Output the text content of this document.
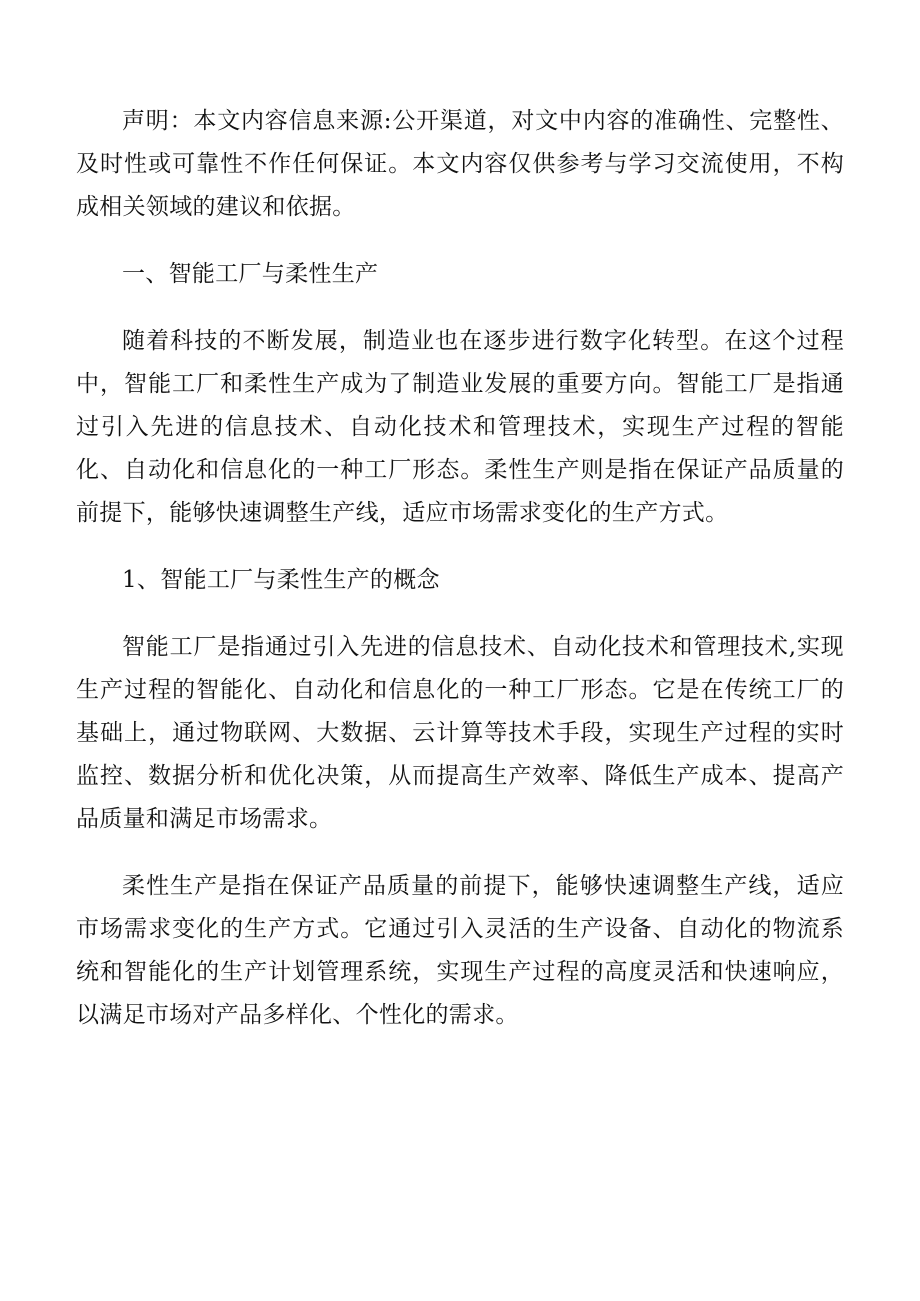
声明：本文内容信息来源:公开渠道，对文中内容的准确性、完整性、及时性或可靠性不作任何保证。本文内容仅供参考与学习交流使用，不构成相关领域的建议和依据。

一、智能工厂与柔性生产

随着科技的不断发展，制造业也在逐步进行数字化转型。在这个过程中，智能工厂和柔性生产成为了制造业发展的重要方向。智能工厂是指通过引入先进的信息技术、自动化技术和管理技术，实现生产过程的智能化、自动化和信息化的一种工厂形态。柔性生产则是指在保证产品质量的前提下，能够快速调整生产线，适应市场需求变化的生产方式。

1、智能工厂与柔性生产的概念

智能工厂是指通过引入先进的信息技术、自动化技术和管理技术,实现生产过程的智能化、自动化和信息化的一种工厂形态。它是在传统工厂的基础上，通过物联网、大数据、云计算等技术手段，实现生产过程的实时监控、数据分析和优化决策，从而提高生产效率、降低生产成本、提高产品质量和满足市场需求。

柔性生产是指在保证产品质量的前提下，能够快速调整生产线，适应市场需求变化的生产方式。它通过引入灵活的生产设备、自动化的物流系统和智能化的生产计划管理系统，实现生产过程的高度灵活和快速响应，以满足市场对产品多样化、个性化的需求。
